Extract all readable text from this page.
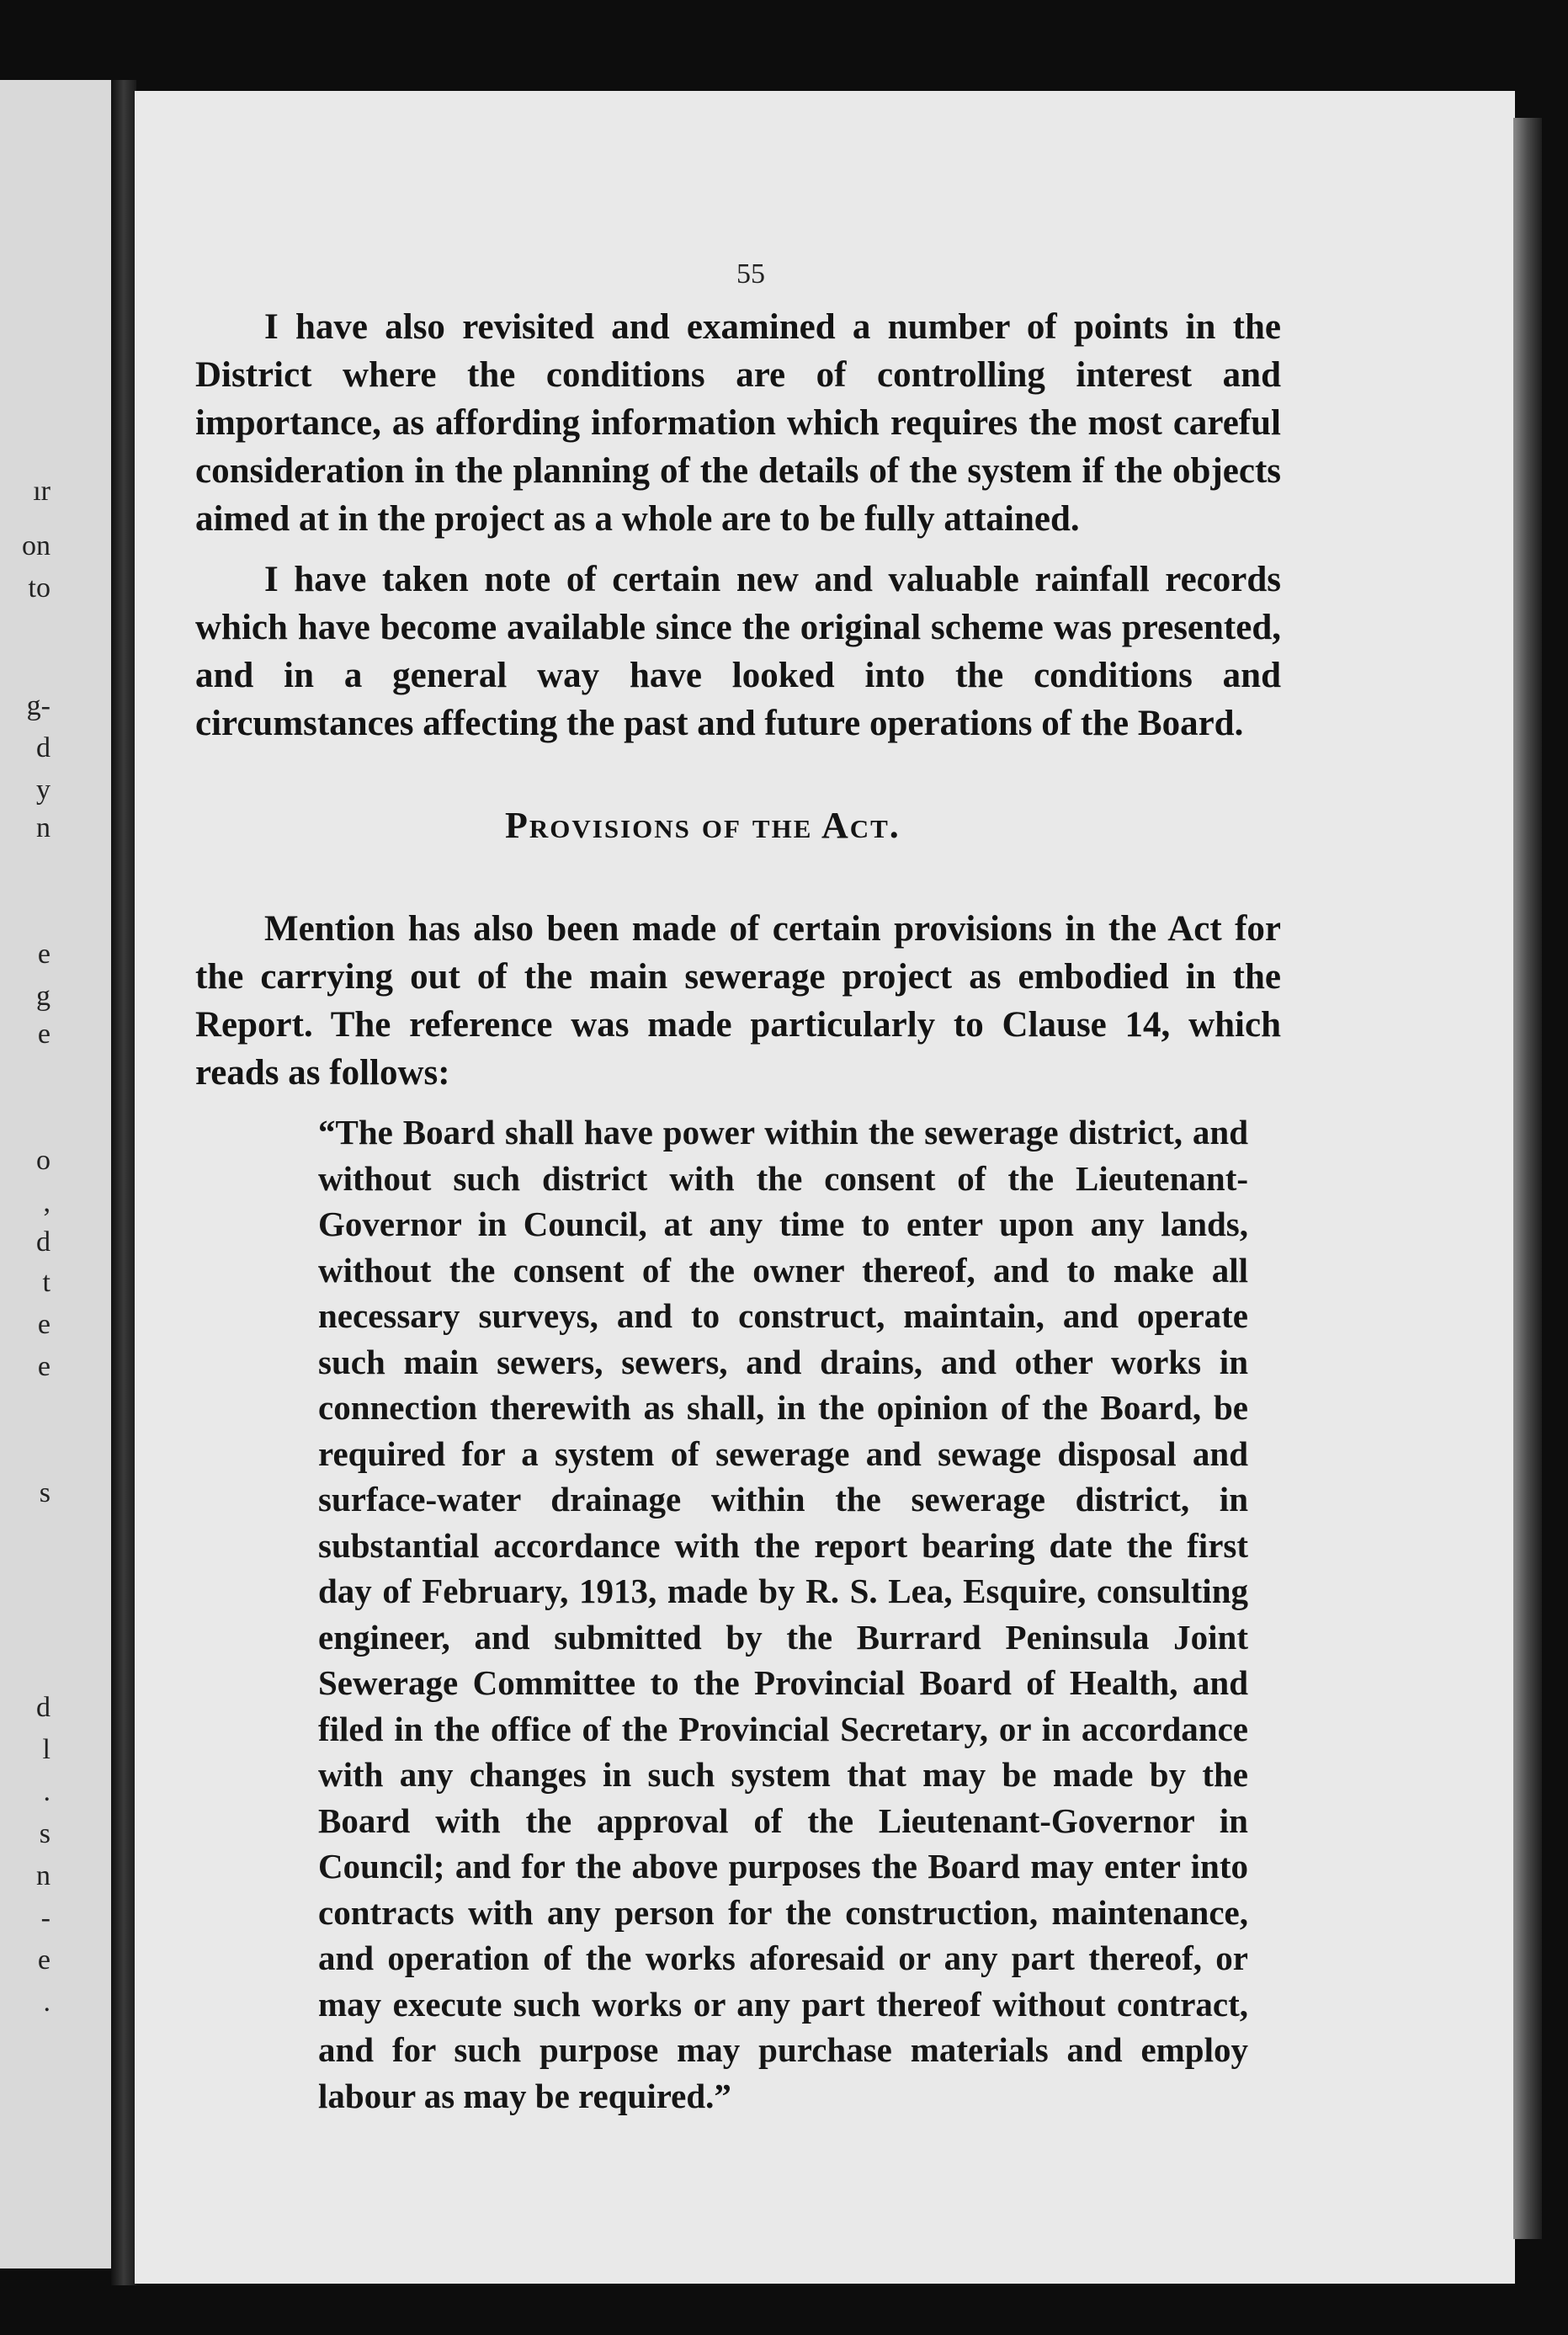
ır
on
to
g-
d
y
n
e
g
e
o
,
d
t
e
e
s
d
l
.
s
n
-
e
.
55
I have also revisited and examined a number of points in the District where the conditions are of controlling interest and importance, as affording information which requires the most careful consideration in the planning of the details of the system if the objects aimed at in the project as a whole are to be fully attained.
I have taken note of certain new and valuable rainfall records which have become available since the original scheme was presented, and in a general way have looked into the conditions and circumstances affecting the past and future operations of the Board.
Provisions of the Act.
Mention has also been made of certain provisions in the Act for the carrying out of the main sewerage project as embodied in the Report. The reference was made particularly to Clause 14, which reads as follows:
“The Board shall have power within the sewerage district, and without such district with the consent of the Lieutenant-Governor in Council, at any time to enter upon any lands, without the consent of the owner thereof, and to make all necessary surveys, and to construct, maintain, and operate such main sewers, sewers, and drains, and other works in connection therewith as shall, in the opinion of the Board, be required for a system of sewerage and sewage disposal and surface-water drainage within the sewerage district, in substantial accordance with the report bearing date the first day of February, 1913, made by R. S. Lea, Esquire, consulting engineer, and submitted by the Burrard Peninsula Joint Sewerage Committee to the Provincial Board of Health, and filed in the office of the Provincial Secretary, or in accordance with any changes in such system that may be made by the Board with the approval of the Lieutenant-Governor in Council; and for the above purposes the Board may enter into contracts with any person for the construction, maintenance, and operation of the works aforesaid or any part thereof, or may execute such works or any part thereof without contract, and for such purpose may purchase materials and employ labour as may be required.”
